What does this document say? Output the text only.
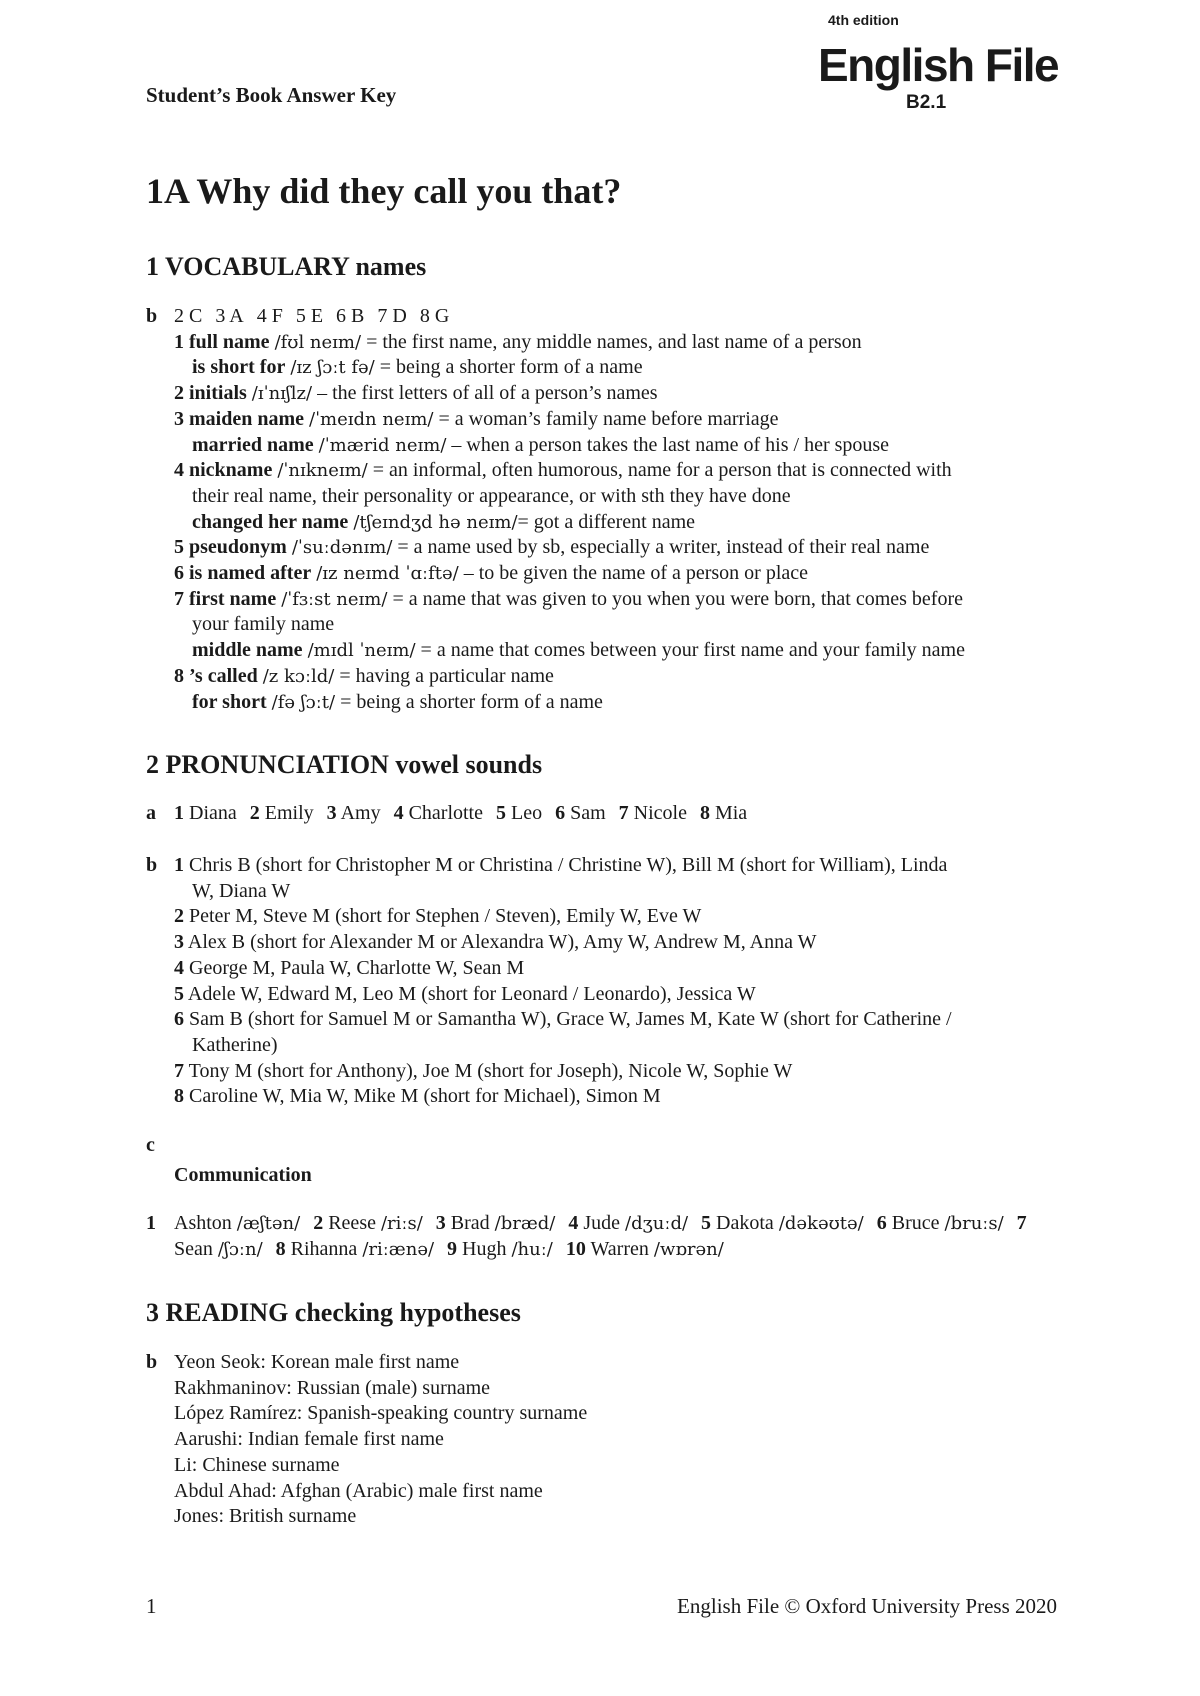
4th edition
English File
B2.1
Student’s Book Answer Key
1A Why did they call you that?
1 VOCABULARY names
b 2 C 3 A 4 F 5 E 6 B 7 D 8 G
1 full name /fʊl neɪm/ = the first name, any middle names, and last name of a person
is short for /ɪz ʃɔːt fə/ = being a shorter form of a name
2 initials /ɪˈnɪʃlz/ – the first letters of all of a person’s names
3 maiden name /ˈmeɪdn neɪm/ = a woman’s family name before marriage
married name /ˈmærid neɪm/ – when a person takes the last name of his / her spouse
4 nickname /ˈnɪkneɪm/ = an informal, often humorous, name for a person that is connected with
their real name, their personality or appearance, or with sth they have done
changed her name /tʃeɪndʒd hə neɪm/= got a different name
5 pseudonym /ˈsuːdənɪm/ = a name used by sb, especially a writer, instead of their real name
6 is named after /ɪz neɪmd ˈɑːftə/ – to be given the name of a person or place
7 first name /ˈfɜːst neɪm/ = a name that was given to you when you were born, that comes before
your family name
middle name /mɪdl ˈneɪm/ = a name that comes between your first name and your family name
8 ’s called /z kɔːld/ = having a particular name
for short /fə ʃɔːt/ = being a shorter form of a name
2 PRONUNCIATION vowel sounds
a 1 Diana 2 Emily 3 Amy 4 Charlotte 5 Leo 6 Sam 7 Nicole 8 Mia
b 1 Chris B (short for Christopher M or Christina / Christine W), Bill M (short for William), Linda
W, Diana W
2 Peter M, Steve M (short for Stephen / Steven), Emily W, Eve W
3 Alex B (short for Alexander M or Alexandra W), Amy W, Andrew M, Anna W
4 George M, Paula W, Charlotte W, Sean M
5 Adele W, Edward M, Leo M (short for Leonard / Leonardo), Jessica W
6 Sam B (short for Samuel M or Samantha W), Grace W, James M, Kate W (short for Catherine /
Katherine)
7 Tony M (short for Anthony), Joe M (short for Joseph), Nicole W, Sophie W
8 Caroline W, Mia W, Mike M (short for Michael), Simon M
c
Communication
1 Ashton /æʃtən/ 2 Reese /riːs/ 3 Brad /bræd/ 4 Jude /dʒuːd/ 5 Dakota /dəkəʊtə/ 6 Bruce /bruːs/ 7 Sean /ʃɔːn/ 8 Rihanna /riːænə/ 9 Hugh /huː/ 10 Warren /wɒrən/
3 READING checking hypotheses
b Yeon Seok: Korean male first name
Rakhmaninov: Russian (male) surname
López Ramírez: Spanish-speaking country surname
Aarushi: Indian female first name
Li: Chinese surname
Abdul Ahad: Afghan (Arabic) male first name
Jones: British surname
1	English File © Oxford University Press 2020
